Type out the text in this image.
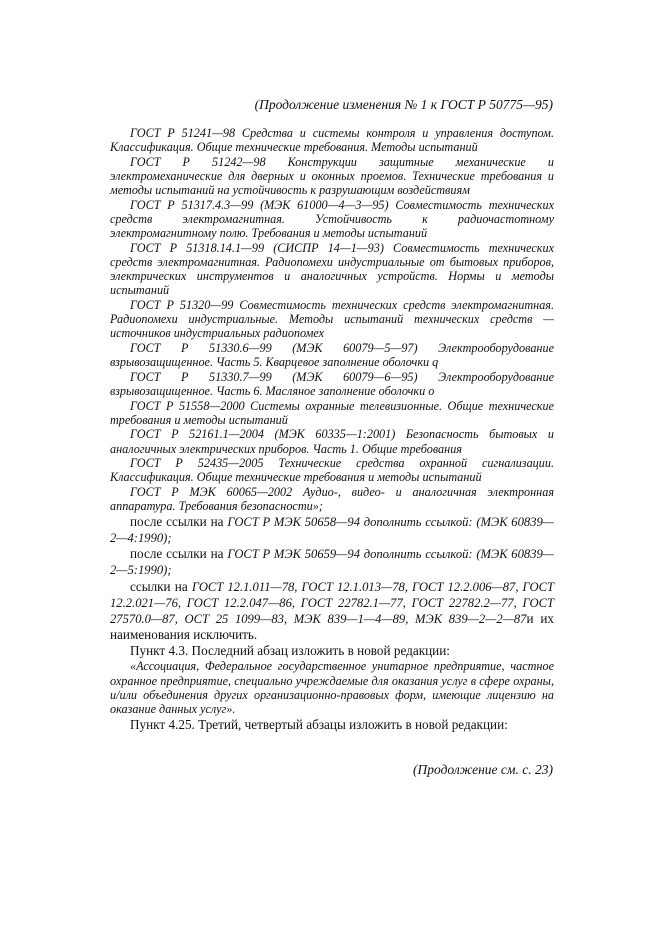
(Продолжение изменения № 1 к ГОСТ Р 50775—95)

ГОСТ Р 51241—98 Средства и системы контроля и управления доступом. Классификация. Общие технические требования. Методы испытаний

ГОСТ Р 51242—98 Конструкции защитные механические и электромеханические для дверных и оконных проемов. Технические требования и методы испытаний на устойчивость к разрушающим воздействиям

ГОСТ Р 51317.4.3—99 (МЭК 61000—4—3—95) Совместимость технических средств электромагнитная. Устойчивость к радиочастотному электромагнитному полю. Требования и методы испытаний

ГОСТ Р 51318.14.1—99 (СИСПР 14—1—93) Совместимость технических средств электромагнитная. Радиопомехи индустриальные от бытовых приборов, электрических инструментов и аналогичных устройств. Нормы и методы испытаний

ГОСТ Р 51320—99 Совместимость технических средств электромагнитная. Радиопомехи индустриальные. Методы испытаний технических средств — источников индустриальных радиопомех

ГОСТ Р 51330.6—99 (МЭК 60079—5—97) Электрооборудование взрывозащищенное. Часть 5. Кварцевое заполнение оболочки q

ГОСТ Р 51330.7—99 (МЭК 60079—6—95) Электрооборудование взрывозащищенное. Часть 6. Масляное заполнение оболочки о

ГОСТ Р 51558—2000 Системы охранные телевизионные. Общие технические требования и методы испытаний

ГОСТ Р 52161.1—2004 (МЭК 60335—1:2001) Безопасность бытовых и аналогичных электрических приборов. Часть 1. Общие требования

ГОСТ Р 52435—2005 Технические средства охранной сигнализации. Классификация. Общие технические требования и методы испытаний

ГОСТ Р МЭК 60065—2002 Аудио-, видео- и аналогичная электронная аппаратура. Требования безопасности»;

после ссылки на ГОСТ Р МЭК 50658—94 дополнить ссылкой: (МЭК 60839—2—4:1990);

после ссылки на ГОСТ Р МЭК 50659—94 дополнить ссылкой: (МЭК 60839—2—5:1990);

ссылки на ГОСТ 12.1.011—78, ГОСТ 12.1.013—78, ГОСТ 12.2.006—87, ГОСТ 12.2.021—76, ГОСТ 12.2.047—86, ГОСТ 22782.1—77, ГОСТ 22782.2—77, ГОСТ 27570.0—87, ОСТ 25 1099—83, МЭК 839—1—4—89, МЭК 839—2—2—87и их наименования исключить.

Пункт 4.3. Последний абзац изложить в новой редакции:

«Ассоциация, Федеральное государственное унитарное предприятие, частное охранное предприятие, специально учреждаемые для оказания услуг в сфере охраны, и/или объединения других организационно-правовых форм, имеющие лицензию на оказание данных услуг».

Пункт 4.25. Третий, четвертый абзацы изложить в новой редакции:

(Продолжение см. с. 23)
